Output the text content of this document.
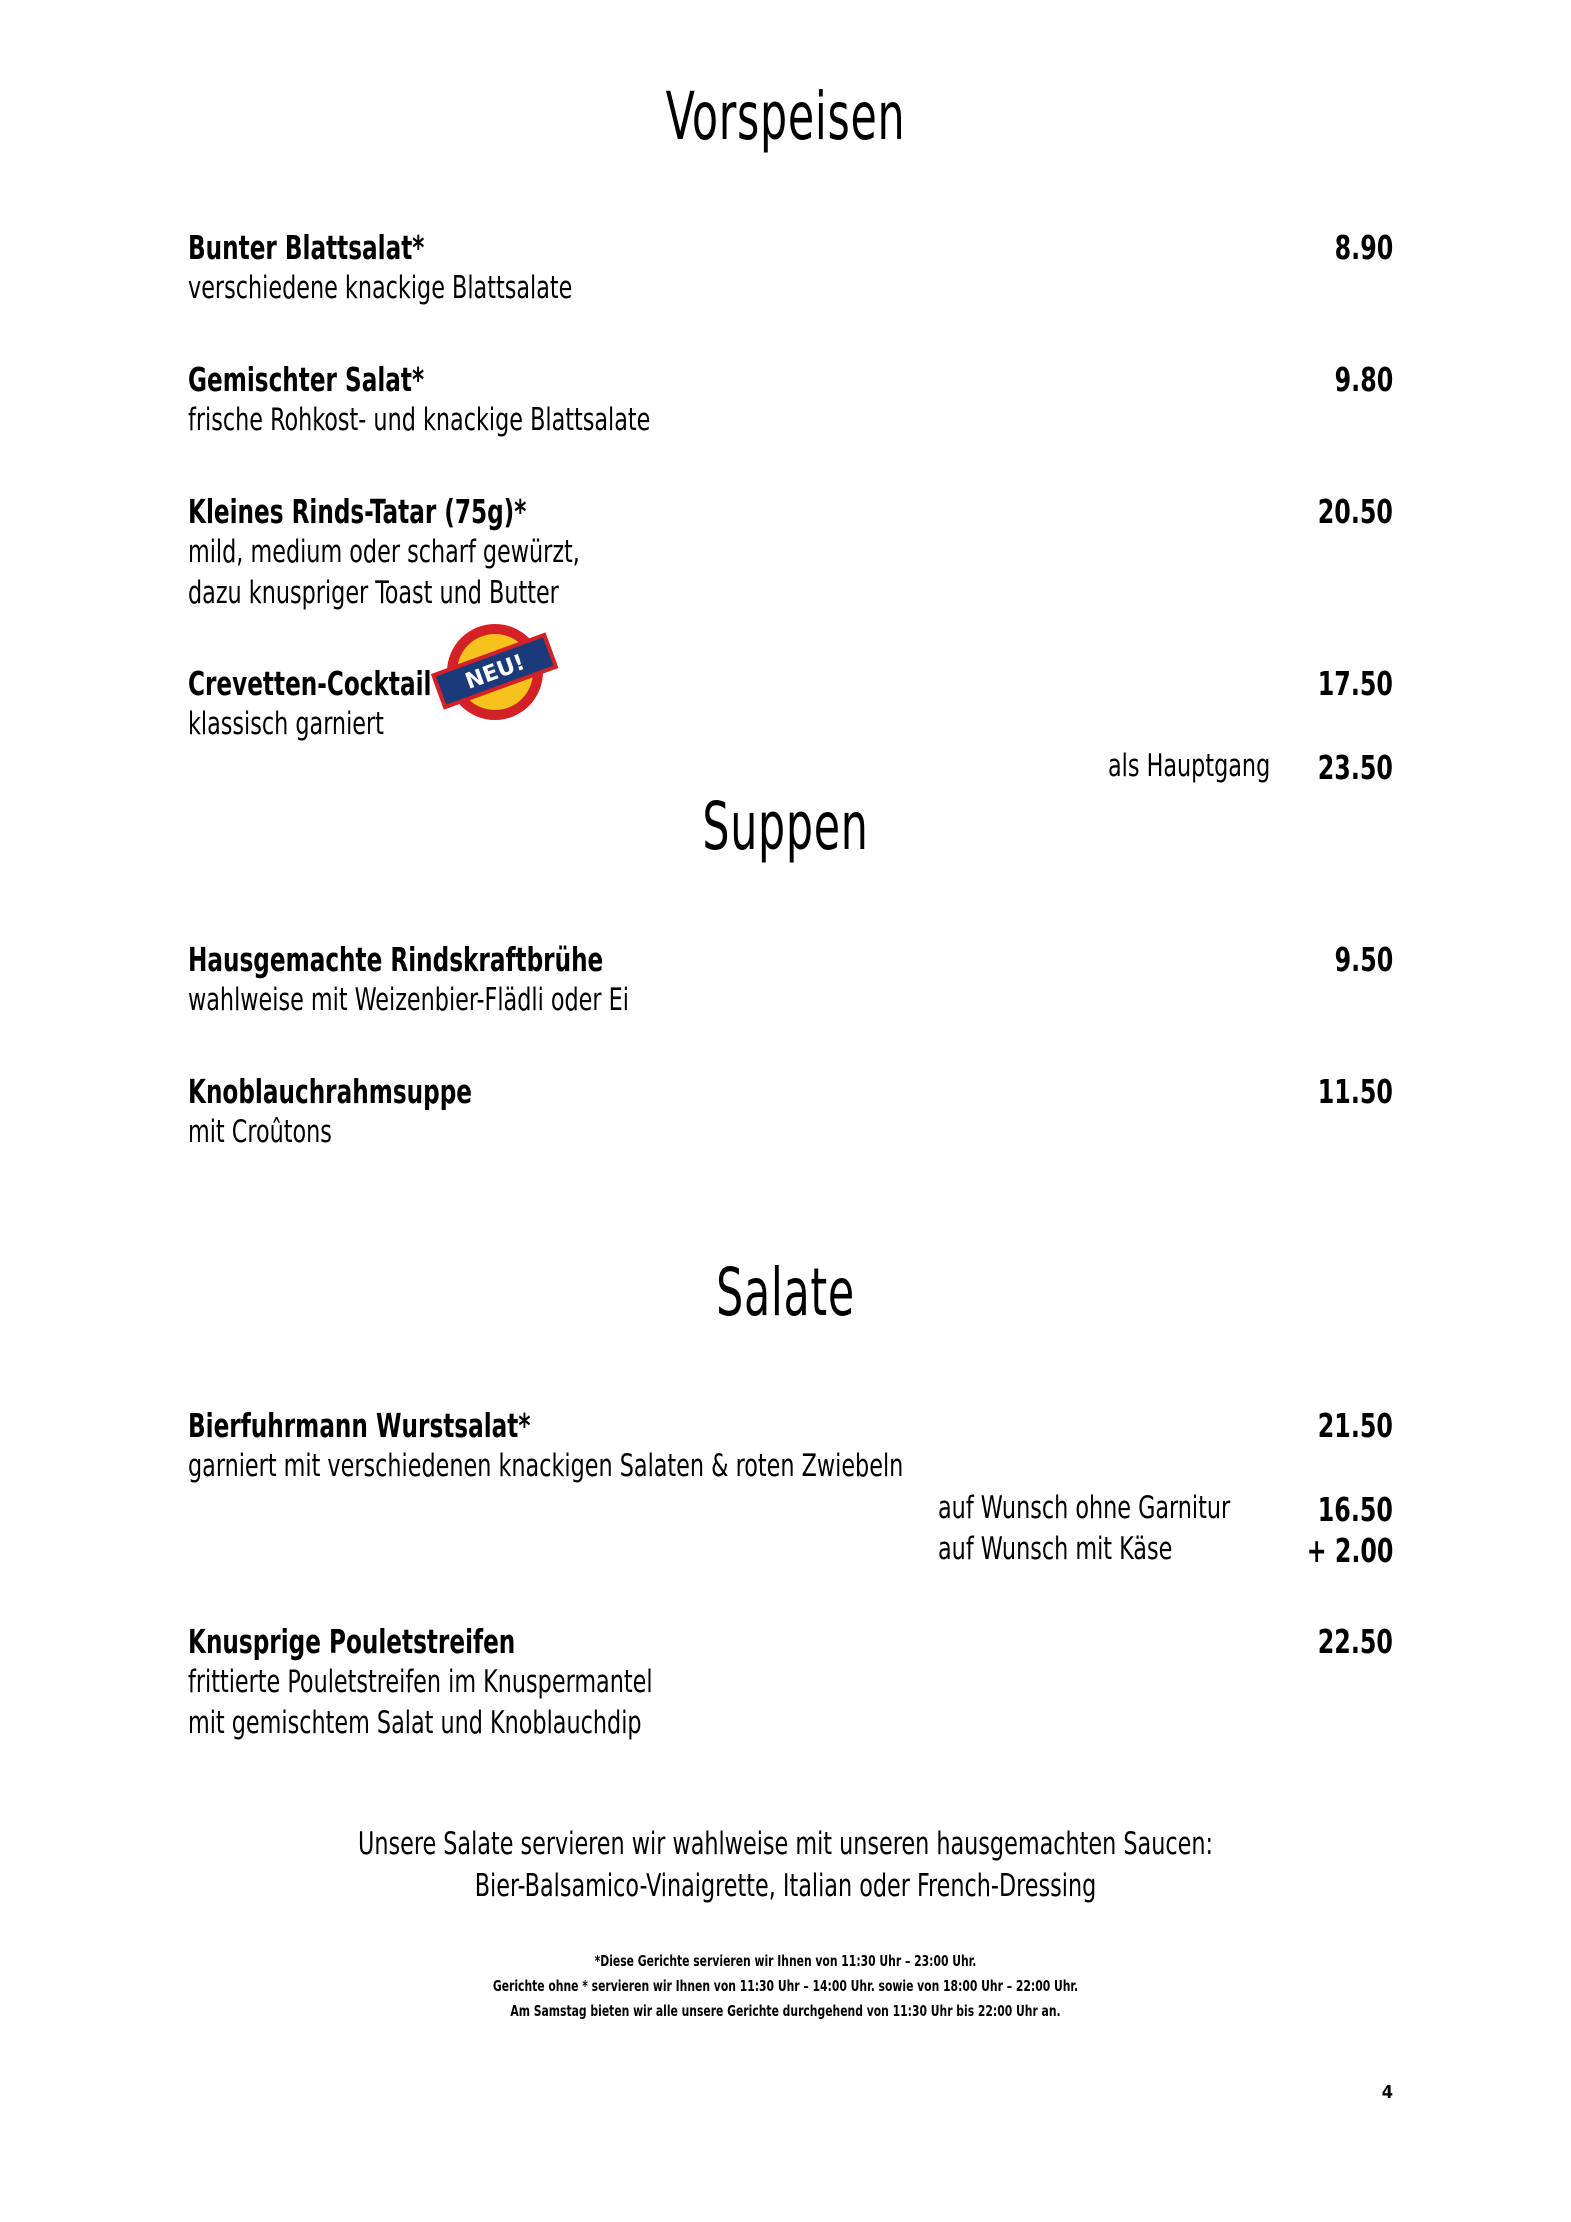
Vorspeisen
Bunter Blattsalat*	8.90
verschiedene knackige Blattsalate
Gemischter Salat*	9.80
frische Rohkost- und knackige Blattsalate
Kleines Rinds-Tatar (75g)*	20.50
mild, medium oder scharf gewürzt,
dazu knuspriger Toast und Butter
Crevetten-Cocktail	17.50
klassisch garniert
als Hauptgang 23.50
NEU!
Suppen
Hausgemachte Rindskraftbrühe	9.50
wahlweise mit Weizenbier-Flädli oder Ei
Knoblauchrahmsuppe	11.50
mit Croûtons
Salate
Bierfuhrmann Wurstsalat*	21.50
garniert mit verschiedenen knackigen Salaten & roten Zwiebeln
auf Wunsch ohne Garnitur	16.50
auf Wunsch mit Käse	+ 2.00
Knusprige Pouletstreifen	22.50
frittierte Pouletstreifen im Knuspermantel
mit gemischtem Salat und Knoblauchdip
Unsere Salate servieren wir wahlweise mit unseren hausgemachten Saucen:
Bier-Balsamico-Vinaigrette, Italian oder French-Dressing
*Diese Gerichte servieren wir Ihnen von 11:30 Uhr – 23:00 Uhr.
Gerichte ohne * servieren wir Ihnen von 11:30 Uhr – 14:00 Uhr. sowie von 18:00 Uhr – 22:00 Uhr.
Am Samstag bieten wir alle unsere Gerichte durchgehend von 11:30 Uhr bis 22:00 Uhr an.
4
